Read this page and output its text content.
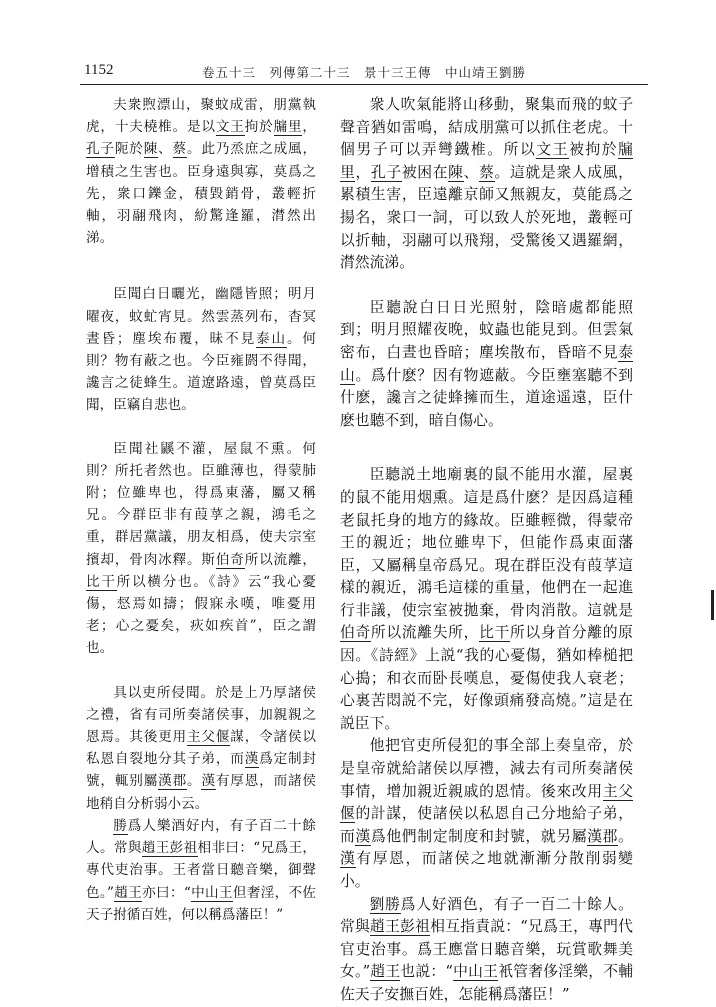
1152	卷五十三　列傳第二十三　景十三王傳　中山靖王劉勝

夫衆煦漂山，聚蚊成雷，朋黨執虎，十夫橈椎。是以文王拘於牖里，孔子阨於陳、蔡。此乃烝庶之成風，增積之生害也。臣身遠與寡，莫爲之先，衆口鑠金，積毀銷骨，叢輕折軸，羽翮飛肉，紛驚逢羅，潸然出涕。

臣聞白日曬光，幽隱皆照；明月曜夜，蚊虻宵見。然雲蒸列布，杳冥晝昏；塵埃布覆，昧不見泰山。何則？物有蔽之也。今臣雍閼不得聞，讒言之徒蜂生。道遼路遠，曾莫爲臣聞，臣竊自悲也。

臣聞社鼷不灌，屋鼠不熏。何則？所托者然也。臣雖薄也，得蒙肺附；位雖卑也，得爲東藩，屬又稱兄。今群臣非有葭莩之親，鴻毛之重，群居黨議，朋友相爲，使夫宗室擯却，骨肉冰釋。斯伯奇所以流離，比干所以横分也。《詩》云“我心憂傷，惄焉如擣；假寐永嘆，唯憂用老；心之憂矣，疢如疾首”，臣之謂也。

具以吏所侵聞。於是上乃厚諸侯之禮，省有司所奏諸侯事，加親親之恩焉。其後更用主父偃謀，令諸侯以私恩自裂地分其子弟，而漢爲定制封號，輒别屬漢郡。漢有厚恩，而諸侯地稍自分析弱小云。

勝爲人樂酒好内，有子百二十餘人。常與趙王彭祖相非曰：“兄爲王，專代吏治事。王者當日聽音樂，御聲色。”趙王亦曰：“中山王但奢淫，不佐天子拊循百姓，何以稱爲藩臣！”

衆人吹氣能將山移動，聚集而飛的蚊子聲音猶如雷鳴，結成朋黨可以抓住老虎。十個男子可以弄彎鐵椎。所以文王被拘於牖里，孔子被困在陳、蔡。這就是衆人成風，累積生害，臣遠離京師又無親友，莫能爲之揚名，衆口一詞，可以致人於死地，叢輕可以折軸，羽翮可以飛翔，受驚後又遇羅網，潸然流涕。

臣聽說白日日光照射，陰暗處都能照到；明月照耀夜晚，蚊蟲也能見到。但雲氣密布，白晝也昏暗；塵埃散布，昏暗不見泰山。爲什麽？因有物遮蔽。今臣壅塞聽不到什麽，讒言之徒蜂擁而生，道途遥遠，臣什麽也聽不到，暗自傷心。

臣聽説土地廟裏的鼠不能用水灌，屋裏的鼠不能用烟熏。這是爲什麽？是因爲這種老鼠托身的地方的緣故。臣雖輕微，得蒙帝王的親近；地位雖卑下，但能作爲東面藩臣，又屬稱皇帝爲兄。現在群臣没有葭莩這樣的親近，鴻毛這樣的重量，他們在一起進行非議，使宗室被拋棄，骨肉消散。這就是伯奇所以流離失所，比干所以身首分離的原因。《詩經》上説“我的心憂傷，猶如棒槌把心搗；和衣而卧長嘆息，憂傷使我人衰老；心裏苦悶説不完，好像頭痛發高燒。”這是在説臣下。

他把官吏所侵犯的事全部上奏皇帝，於是皇帝就給諸侯以厚禮，減去有司所奏諸侯事情，增加親近親戚的恩情。後來改用主父偃的計謀，使諸侯以私恩自己分地給子弟，而漢爲他們制定制度和封號，就另屬漢郡。漢有厚恩，而諸侯之地就漸漸分散削弱變小。

劉勝爲人好酒色，有子一百二十餘人。常與趙王彭祖相互指責説：“兄爲王，專門代官吏治事。爲王應當日聽音樂，玩賞歌舞美女。”趙王也説：“中山王衹管奢侈淫樂，不輔佐天子安撫百姓，怎能稱爲藩臣！”
